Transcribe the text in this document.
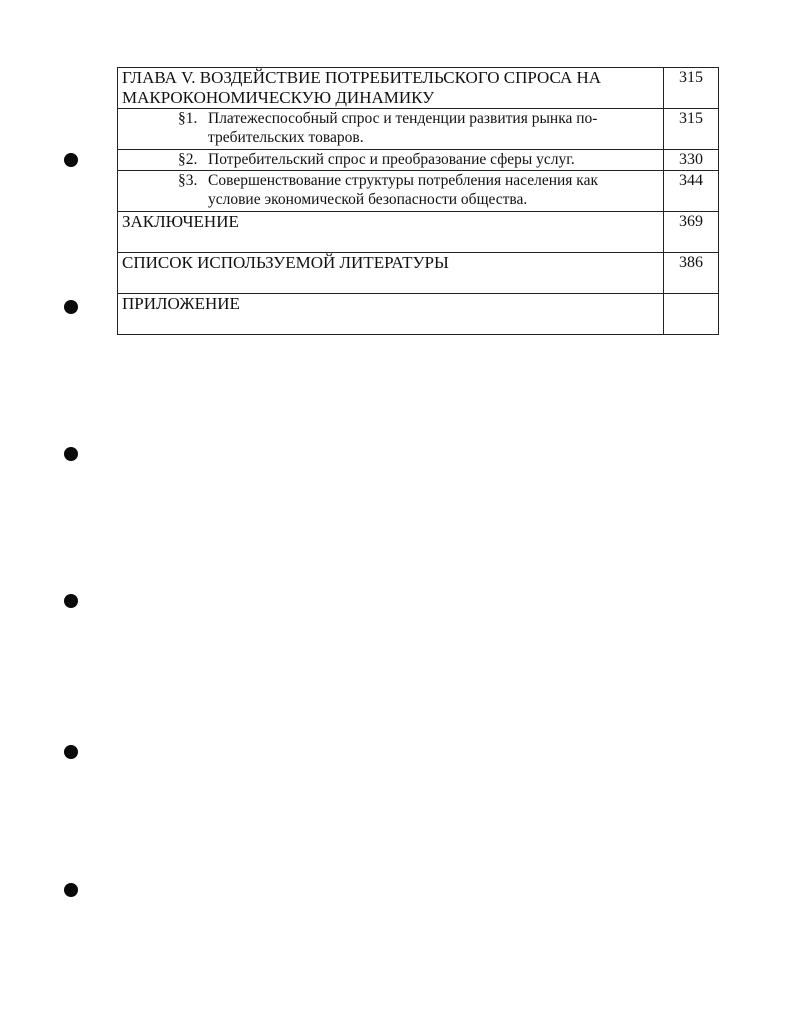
ГЛАВА V. ВОЗДЕЙСТВИЕ ПОТРЕБИТЕЛЬСКОГО СПРОСА НА МАКРОКОНОМИЧЕСКУЮ ДИНАМИКУ	315

§1. Платежеспособный спрос и тенденции развития рынка по-
требительских товаров.	315

§2. Потребительский спрос и преобразование сферы услуг.	330

§3. Совершенствование структуры потребления населения как
условие экономической безопасности общества.	344

ЗАКЛЮЧЕНИЕ	369

СПИСОК ИСПОЛЬЗУЕМОЙ ЛИТЕРАТУРЫ	386

ПРИЛОЖЕНИЕ	
